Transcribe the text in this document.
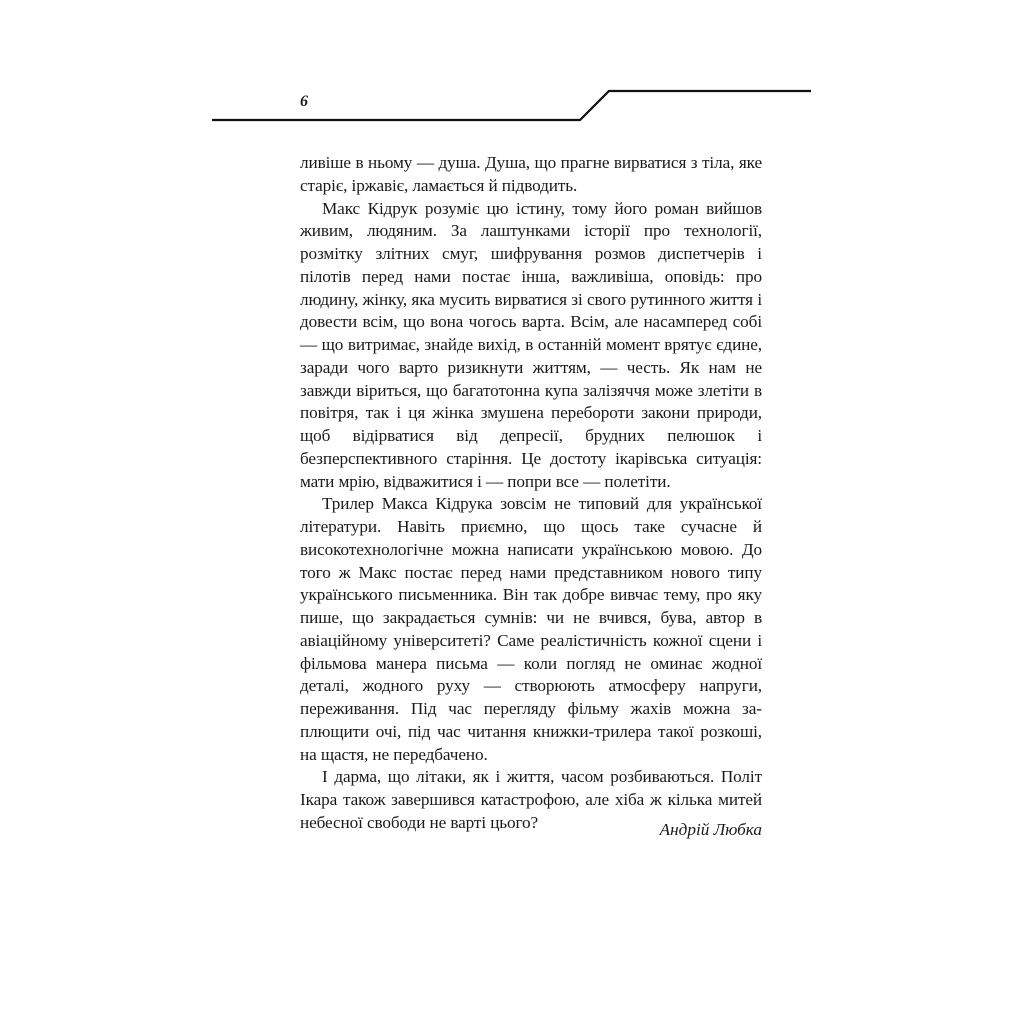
6

ливіше в ньому — душа. Душа, що прагне вирватися з тіла, яке старіє, іржавіє, ламається й підводить.

Макс Кідрук розуміє цю істину, тому його роман вийшов живим, людяним. За лаштунками історії про технології, розмітку злітних смуг, шифрування розмов диспетчерів і пілотів перед нами постає інша, важливіша, оповідь: про людину, жінку, яка мусить вирватися зі свого рутинного життя і довести всім, що вона чогось варта. Всім, але насамперед собі — що витримає, знайде вихід, в останній момент врятує єдине, заради чого варто ризикнути життям, — честь. Як нам не завжди віриться, що багатотонна купа залізяччя може злетіти в повітря, так і ця жінка змушена перебороти закони природи, щоб відірватися від депресії, брудних пелюшок і безперспективного старіння. Це достоту ікарівська ситуація: мати мрію, відважитися і — попри все — полетіти.

Трилер Макса Кідрука зовсім не типовий для української літератури. Навіть приємно, що щось таке сучасне й високотехнологічне можна написати українською мовою. До того ж Макс постає перед нами представником нового типу українського письменника. Він так добре вивчає тему, про яку пише, що закрадається сумнів: чи не вчився, бува, автор в авіаційному університеті? Саме реалістичність кожної сцени і фільмова манера письма — коли погляд не оминає жодної деталі, жодного руху — створюють атмосферу напруги, переживання. Під час перегляду фільму жахів можна заплющити очі, під час читання книжки-трилера такої розкоші, на щастя, не передбачено.

І дарма, що літаки, як і життя, часом розбиваються. Політ Ікара також завершився катастрофою, але хіба ж кілька митей небесної свободи не варті цього?	Андрій Любка
